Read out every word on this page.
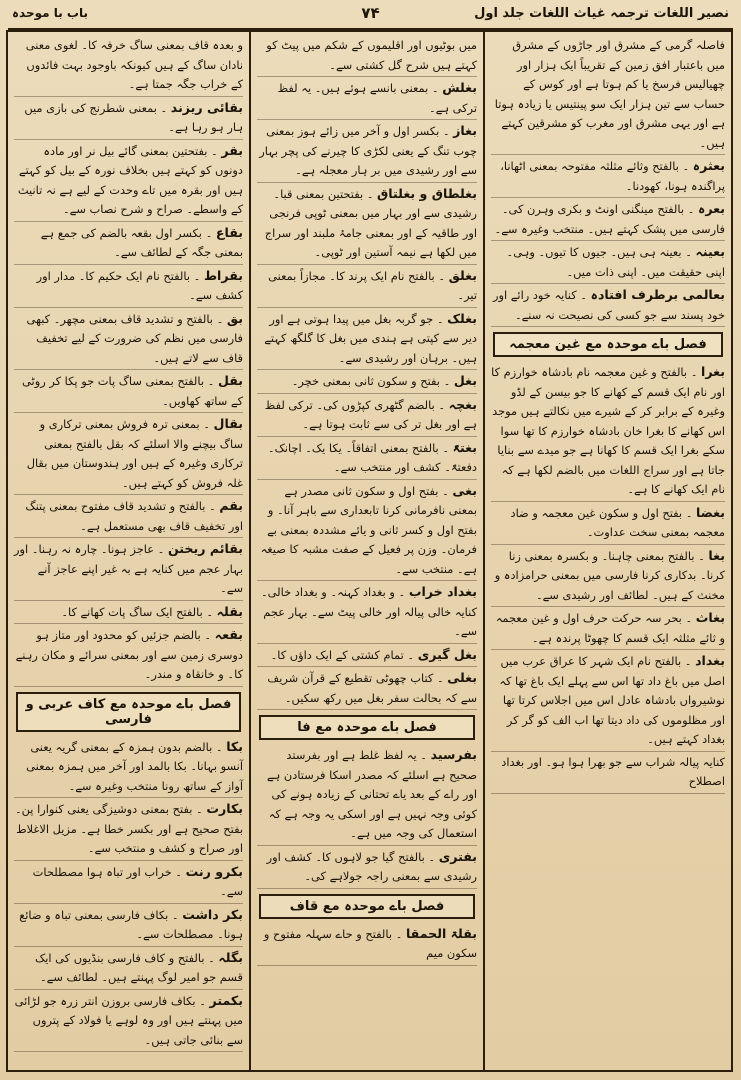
نصیر اللغات ترجمہ غیاث اللغات جلد اول
۷۴
باب با موحدہ
فاصلہ گرمی کے مشرق اور جاڑوں کے مشرق میں باعتبار افق زمین کے تقریباً ایک ہزار اور چھیالیس فرسخ یا کم ہوتا ہے اور کوس کے حساب سے تین ہزار ایک سو پینتیس یا زیادہ ہوتا ہے اور یہی مشرق اور مغرب کو مشرقین کہتے ہیں۔
بعثرہ ۔ بالفتح وثائے مثلثہ مفتوحہ بمعنی اٹھانا، پراگندہ ہونا، کھودنا۔
بعرہ ۔ بالفتح مینگنی اونٹ و بکری وہرن کی۔ فارسی میں پشک کہتے ہیں۔ منتخب وغیرہ سے۔
بعینہ ۔ بعینہ ہی ہیں۔ جیوں کا تیوں۔ وہی۔ اپنی حقیقت میں۔ اپنی ذات میں۔
بعالمی برطرف افتادہ ۔ کنایہ خود رائے اور خود پسند سے جو کسی کی نصیحت نہ سنے۔
فصل باے موحدہ مع غین معجمہ
بغرا ۔ بالفتح و غین معجمہ نام بادشاہ خوارزم کا اور نام ایک قسم کے کھانے کا جو بیسن کے لڈو وغیرہ کے برابر کر کے شیرے میں نکالتے ہیں موجد اس کھانے کا بغرا خان بادشاہ خوارزم کا تھا سوا سکے بغرا ایک قسم کا کھانا ہے جو میدے سے بنایا جاتا ہے اور سراج اللغات میں بالضم لکھا ہے کہ نام ایک کھانے کا ہے۔
بغضا ۔ بفتح اول و سکون غین معجمہ و ضاد معجمہ بمعنی سخت عداوت۔
بغا ۔ بالفتح بمعنی چاہنا۔ و بکسرہ بمعنی زنا کرنا۔ بدکاری کرنا فارسی میں بمعنی حرامزادہ و مخنث کے ہیں۔ لطائف اور رشیدی سے۔
بغاث ۔ بحر سہ حرکت حرف اول و غین معجمہ و ثائے مثلثہ ایک قسم کا چھوٹا پرندہ ہے۔
بغداد ۔ بالفتح نام ایک شہر کا عراق عرب میں اصل میں باغ داد تھا اس سے پہلے ایک باغ تھا کہ نوشیرواں بادشاہ عادل اس میں اجلاس کرتا تھا اور مظلوموں کی داد دیتا تھا اب الف کو گر کر بغداد کہتے ہیں۔
کنایہ پیالہ شراب سے جو بھرا ہوا ہو۔ اور بغداد اصطلاح
میں بوٹیوں اور اقلیموں کے شکم میں پیٹ کو کہتے ہیں شرح گل کشتی سے۔
بغلش ۔ بمعنی بانسے ہوئے ہیں۔ یہ لفظ ترکی ہے۔
بغاز ۔ بکسر اول و آخر میں زائے ہوز بمعنی چوب تنگ کے یعنی لکڑی کا چیرنے کی پچر بہار سے اور رشیدی میں بر ہار معجلہ ہے۔
بغلطاق و بغلتاق ۔ بفتحتین بمعنی قبا۔ رشیدی سے اور بہار میں بمعنی ٹوپی فرنجی اور طاقیہ کے اور بمعنی جامۂ ملبند اور سراج میں لکھا ہے نیمہ آستین اور ٹوپی۔
بغلق ۔ بالفتح نام ایک پرند کا۔ مجازاً بمعنی تیر۔
بغلک ۔ جو گربہ بغل میں پیدا ہوتی ہے اور دیر سے کپتی ہے ہندی میں بغل کا گلگھ کہتے ہیں۔ برہان اور رشیدی سے۔
بغل ۔ بفتح و سکون ثانی بمعنی خچر۔
بغچہ ۔ بالضم گٹھری کپڑوں کی۔ ترکی لفظ ہے اور بغل تر کی سے ثابت ہوتا ہے۔
بغتۃً ۔ بالفتح بمعنی اتفاقاً۔ یکا یک۔ اچانک۔ دفعتۃً۔ کشف اور منتخب سے۔
بغی ۔ بفتح اول و سکون ثانی مصدر ہے بمعنی نافرمانی کرنا تابعداری سے باہر آنا۔ و بفتح اول و کسر ثانی و یائے مشددہ بمعنی بے فرمان۔ وزن پر فعیل کے صفت مشبہ کا صیغہ ہے۔ منتخب سے۔
بغداد خراب ۔ و بغداد کہنہ۔ و بغداد خالی۔ کنایہ خالی پیالہ اور خالی پیٹ سے۔ بہار عجم سے۔
بغل گیری ۔ تمام کشتی کے ایک داؤں کا۔
بغلی ۔ کتاب چھوٹی تقطیع کے قرآن شریف سے کہ بحالت سفر بغل میں رکھ سکیں۔
فصل باے موحدہ مع فا
بفرسید ۔ یہ لفظ غلط ہے اور بفرستد صحیح ہے اسلئے کہ مصدر اسکا فرستادن ہے اور راے کے بعد یاے تحتانی کے زیادہ ہونے کی کوئی وجہ نہیں ہے اور اسکی یہ وجہ ہے کہ استعمال کی وجہ میں ہے۔
بفتری ۔ بالفتح گیا جو لاہوں کا۔ کشف اور رشیدی سے بمعنی راجہ جولاہے کی۔
فصل باے موحدہ مع قاف
بقلۃ الحمقا ۔ بالفتح و حاے سہلہ مفتوح و سکون میم
و بعدہ قاف بمعنی ساگ خرفہ کا۔ لغوی معنی نادان ساگ کے ہیں کیونکہ باوجود بہت فائدوں کے خراب جگہ جمتا ہے۔
بقائی ریزند ۔ بمعنی شطرنج کی بازی میں ہار ہو رہا ہے۔
بقر ۔ بفتحتین بمعنی گائے بیل نر اور مادہ دونوں کو کہتے ہیں بخلاف نورہ کے بیل کو کہتے ہیں اور بقرہ میں تاے وحدت کے لیے ہے نہ تانیث کے واسطے۔ صراح و شرح نصاب سے۔
بقاع ۔ بکسر اول بقعہ بالضم کی جمع ہے بمعنی جگہ کے لطائف سے۔
بقراط ۔ بالفتح نام ایک حکیم کا۔ مدار اور کشف سے۔
بق ۔ بالفتح و تشدید قاف بمعنی مچھر۔ کبھی فارسی میں نظم کی ضرورت کے لیے تخفیف قاف سے لاتے ہیں۔
بقل ۔ بالفتح بمعنی ساگ پات جو پکا کر روٹی کے ساتھ کھاویں۔
بقال ۔ بمعنی ترہ فروش بمعنی ترکاری و ساگ بیچنے والا اسلئے کہ بقل بالفتح بمعنی ترکاری وغیرہ کے ہیں اور ہندوستان میں بقال غلہ فروش کو کہتے ہیں۔
بقم ۔ بالفتح و تشدید قاف مفتوح بمعنی پتنگ اور تخفیف قاف بھی مستعمل ہے۔
بقائم ریختن ۔ عاجز ہونا۔ چارہ نہ رہنا۔ اور بہار عجم میں کنایہ ہے بہ غیر اپنے عاجز آنے سے۔
بقلہ ۔ بالفتح ایک ساگ پات کھانے کا۔
بقعہ ۔ بالضم جزئیں کو محدود اور متاز ہو دوسری زمین سے اور بمعنی سرائے و مکان رہنے کا۔ و خانقاہ و مندر۔
فصل باے موحدہ مع کاف عربی و فارسی
بکا ۔ بالضم بدون ہمزہ کے بمعنی گریہ یعنی آنسو بہانا۔ بکا بالمد اور آخر میں ہمزہ بمعنی آواز کے ساتھ رونا منتخب وغیرہ سے۔
بکارت ۔ بفتح بمعنی دوشیزگی یعنی کنوارا پن۔ بفتح صحیح ہے اور بکسر خطا ہے۔ مزیل الاغلاط اور صراح و کشف و منتخب سے۔
بکرو رنت ۔ خراب اور تباہ ہوا مصطلحات سے۔
بکر داشت ۔ بکاف فارسی بمعنی تباہ و ضائع ہونا۔ مصطلحات سے۔
بگلہ ۔ بالفتح و کاف فارسی بنڈیوں کی ایک قسم جو امیر لوگ پہنتے ہیں۔ لطائف سے۔
بکمتر ۔ بکاف فارسی بروزن انتر زرہ جو لڑائی میں پہنتے ہیں اور وہ لوہے یا فولاد کے پتروں سے بنائی جاتی ہیں۔
